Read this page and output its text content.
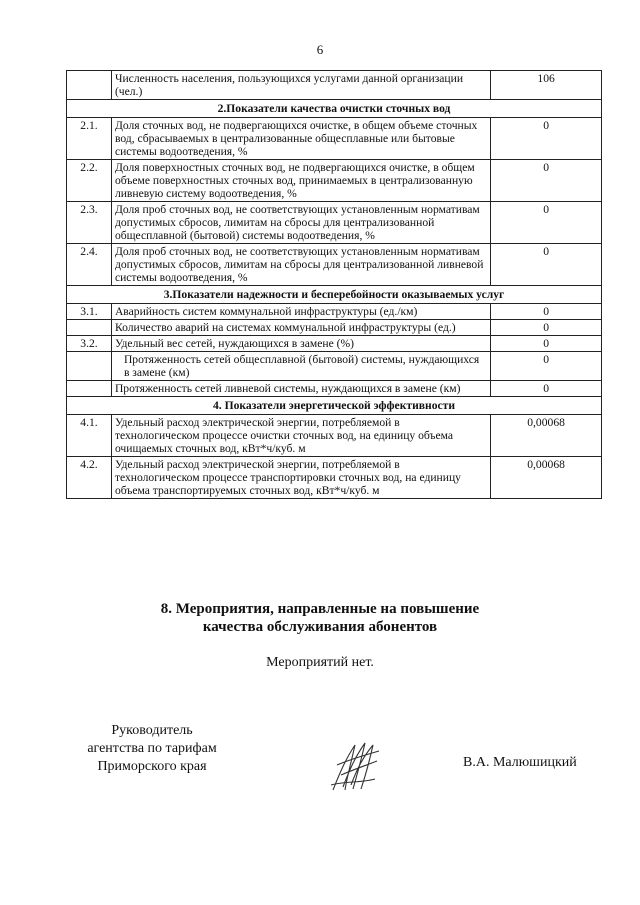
6
	Численность населения, пользующихся услугами данной организации (чел.)	106
2.Показатели качества очистки сточных вод		
2.1.	Доля сточных вод, не подвергающихся очистке, в общем объеме сточных вод, сбрасываемых в централизованные общесплавные или бытовые системы водоотведения, %	0
2.2.	Доля поверхностных сточных вод, не подвергающихся очистке, в общем объеме поверхностных сточных вод, принимаемых в централизованную ливневую систему водоотведения, %	0
2.3.	Доля проб сточных вод, не соответствующих установленным нормативам допустимых сбросов, лимитам на сбросы для централизованной общесплавной (бытовой) системы водоотведения, %	0
2.4.	Доля проб сточных вод, не соответствующих установленным нормативам допустимых сбросов, лимитам на сбросы для централизованной ливневой системы водоотведения, %	0
3.Показатели надежности и бесперебойности оказываемых услуг		
3.1.	Аварийность систем коммунальной инфраструктуры (ед./км)	0
	Количество аварий на системах коммунальной инфраструктуры (ед.)	0
3.2.	Удельный вес сетей, нуждающихся в замене (%)	0
	Протяженность сетей общесплавной (бытовой) системы, нуждающихся в замене (км)	0
	Протяженность сетей ливневой системы, нуждающихся в замене (км)	0
4. Показатели энергетической эффективности		
4.1.	Удельный расход электрической энергии, потребляемой в технологическом процессе очистки сточных вод, на единицу объема очищаемых сточных вод, кВт*ч/куб. м	0,00068
4.2.	Удельный расход электрической энергии, потребляемой в технологическом процессе транспортировки сточных вод, на единицу объема транспортируемых сточных вод, кВт*ч/куб. м	0,00068
8. Мероприятия, направленные на повышение
качества обслуживания абонентов
Мероприятий нет.
Руководитель
агентства по тарифам
Приморского края	В.А. Малюшицкий
